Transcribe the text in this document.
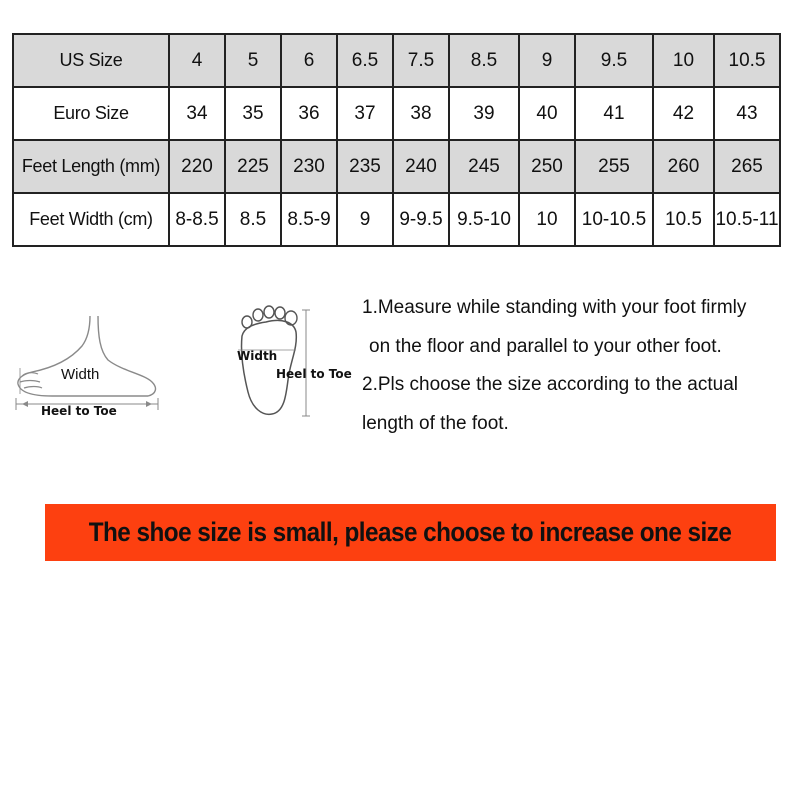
US Size	4	5	6	6.5	7.5	8.5	9	9.5	10	10.5
Euro Size	34	35	36	37	38	39	40	41	42	43
Feet Length (mm)	220	225	230	235	240	245	250	255	260	265
Feet Width (cm)	8-8.5	8.5	8.5-9	9	9-9.5	9.5-10	10	10-10.5	10.5	10.5-11
Width
Heel to Toe
Width
Heel to Toe

1.Measure while standing with your foot firmly

on the floor and parallel to your other foot.

2.Pls choose the size according to the actual

length of the foot.

The shoe size is small, please choose to increase one size
